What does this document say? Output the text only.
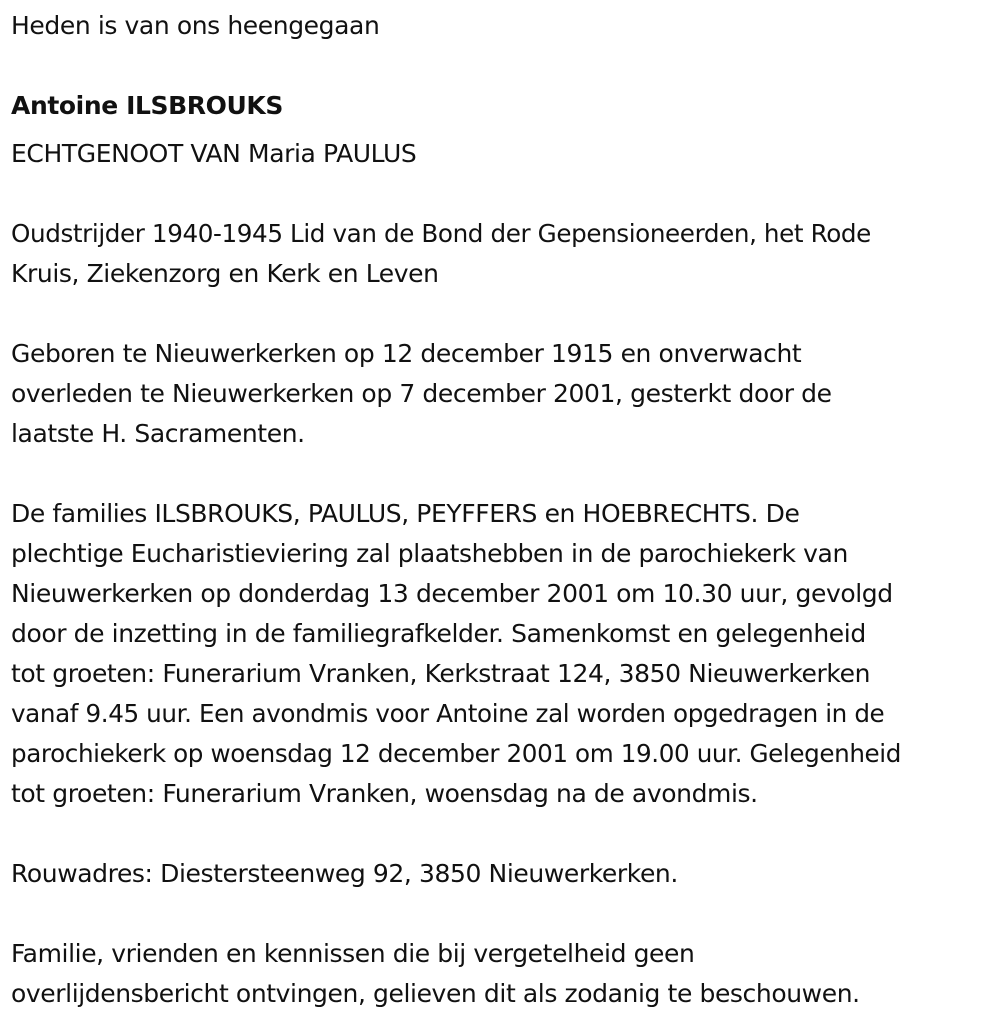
Heden is van ons heengegaan
Antoine ILSBROUKS
ECHTGENOOT VAN Maria PAULUS
Oudstrijder 1940-1945 Lid van de Bond der Gepensioneerden, het Rode
Kruis, Ziekenzorg en Kerk en Leven
Geboren te Nieuwerkerken op 12 december 1915 en onverwacht
overleden te Nieuwerkerken op 7 december 2001, gesterkt door de
laatste H. Sacramenten.
De families ILSBROUKS, PAULUS, PEYFFERS en HOEBRECHTS. De
plechtige Eucharistieviering zal plaatshebben in de parochiekerk van
Nieuwerkerken op donderdag 13 december 2001 om 10.30 uur, gevolgd
door de inzetting in de familiegrafkelder. Samenkomst en gelegenheid
tot groeten: Funerarium Vranken, Kerkstraat 124, 3850 Nieuwerkerken
vanaf 9.45 uur. Een avondmis voor Antoine zal worden opgedragen in de
parochiekerk op woensdag 12 december 2001 om 19.00 uur. Gelegenheid
tot groeten: Funerarium Vranken, woensdag na de avondmis.
Rouwadres: Diestersteenweg 92, 3850 Nieuwerkerken.
Familie, vrienden en kennissen die bij vergetelheid geen
overlijdensbericht ontvingen, gelieven dit als zodanig te beschouwen.
